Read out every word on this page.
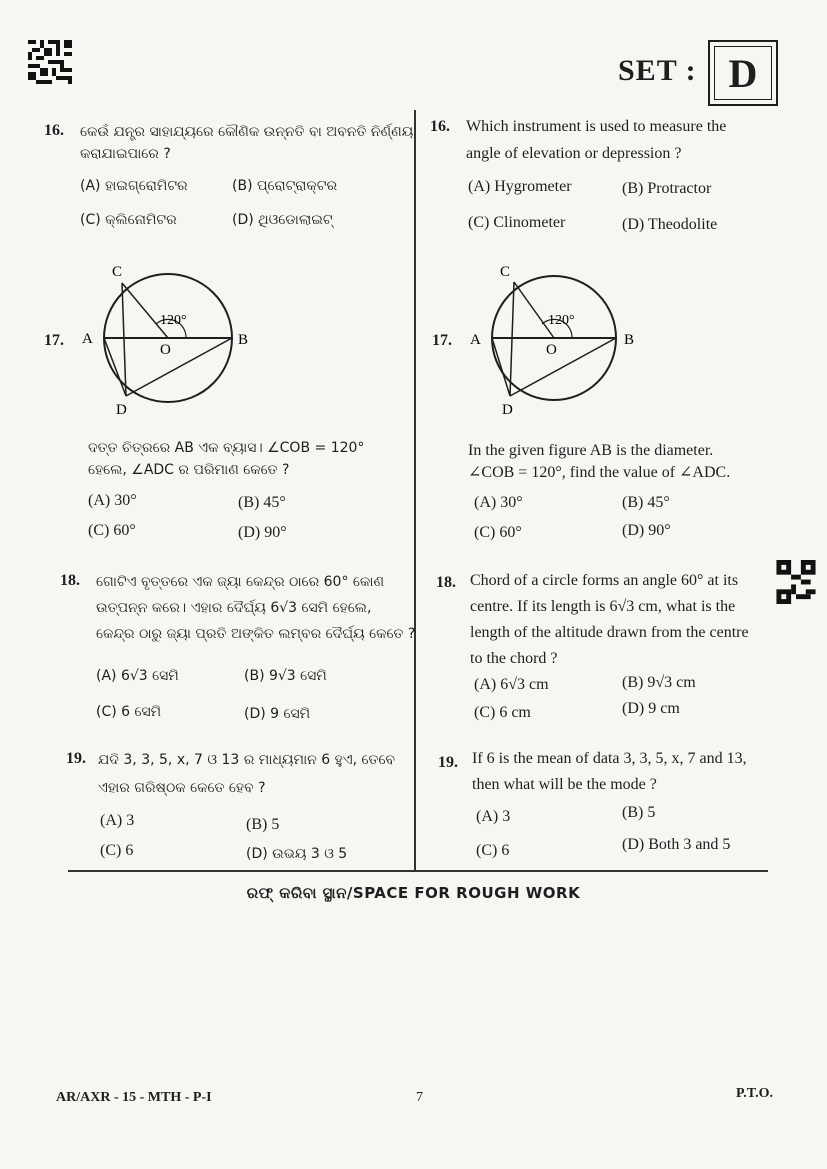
SET : D
16. କେଉଁ ଯନ୍ତ୍ର ସାହାଯ୍ୟରେ କୌଣିକ ଉନ୍ନତି ବା ଅବନତି ନିର୍ଣ୍ଣୟ
କରାଯାଇପାରେ ?
(A) ହାଇଗ୍ରୋମିଟର	(B) ପ୍ରୋଟ୍ରାକ୍ଟର
(C) କ୍ଲିନୋମିଟର	(D) ଥିଓଡୋଲାଇଟ୍
C
A	B
D
O
120°
17.
ଦତ୍ତ ଚିତ୍ରରେ AB ଏକ ବ୍ୟାସ। ∠COB = 120°
ହେଲେ, ∠ADC ର ପରିମାଣ କେତେ ?
(A) 30°	(B) 45°
(C) 60°	(D) 90°
18. ଗୋଟିଏ ବୃତ୍ତରେ ଏକ ଜ୍ୟା କେନ୍ଦ୍ର ଠାରେ 60° କୋଣ
ଉତ୍ପନ୍ନ କରେ। ଏହାର ଦୈର୍ଘ୍ୟ 6√3 ସେମି ହେଲେ,
କେନ୍ଦ୍ର ଠାରୁ ଜ୍ୟା ପ୍ରତି ଅଙ୍କିତ ଲମ୍ବର ଦୈର୍ଘ୍ୟ କେତେ ?
(A) 6√3 ସେମି	(B) 9√3 ସେମି
(C) 6 ସେମି	(D) 9 ସେମି
19. ଯଦି 3, 3, 5, x, 7 ଓ 13 ର ମାଧ୍ୟମାନ 6 ହୁଏ, ତେବେ
ଏହାର ଗରିଷ୍ଠକ କେତେ ହେବ ?
(A) 3	(B) 5
(C) 6	(D) ଉଭୟ 3 ଓ 5
16. Which instrument is used to measure the
angle of elevation or depression ?
(A) Hygrometer	(B) Protractor
(C) Clinometer	(D) Theodolite
C
A	B
D
O
120°
17.
In the given figure AB is the diameter.
∠COB = 120°, find the value of ∠ADC.
(A) 30°	(B) 45°
(C) 60°	(D) 90°
18. Chord of a circle forms an angle 60° at its
centre. If its length is 6√3 cm, what is the
length of the altitude drawn from the centre
to the chord ?
(A) 6√3 cm	(B) 9√3 cm
(C) 6 cm	(D) 9 cm
19. If 6 is the mean of data 3, 3, 5, x, 7 and 13,
then what will be the mode ?
(A) 3	(B) 5
(C) 6	(D) Both 3 and 5
ରଫ୍ କରିବା ସ୍ଥାନ/SPACE FOR ROUGH WORK
AR/AXR - 15 - MTH - P-I	7	P.T.O.
